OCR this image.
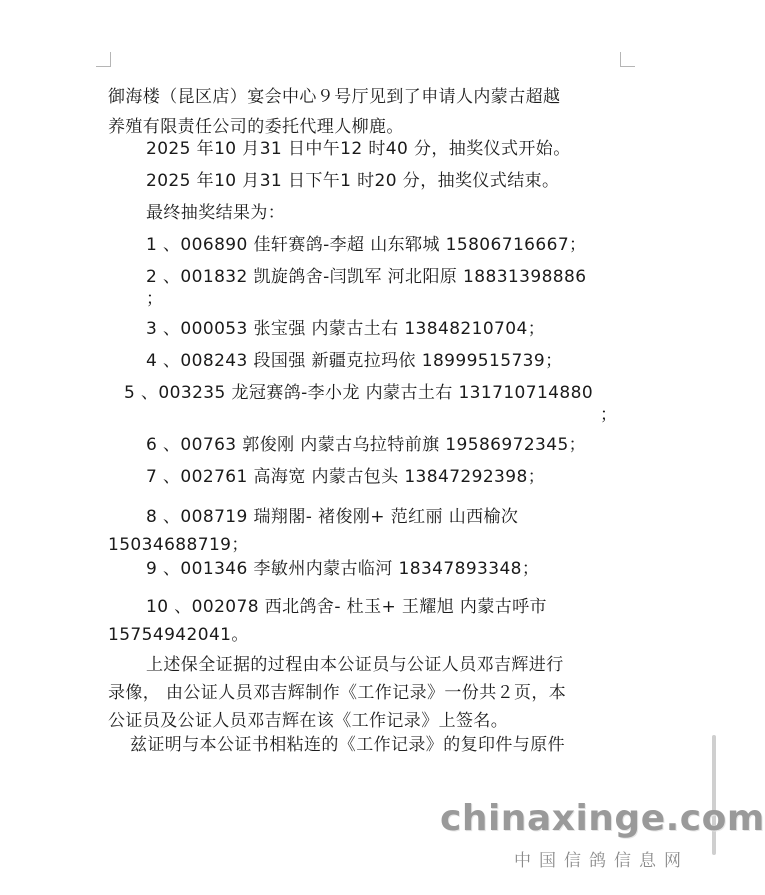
御海楼（昆区店）宴会中心９号厅见到了申请人内蒙古超越
养殖有限责任公司的委托代理人柳鹿。
2025 年10 月31 日中午12 时40 分，抽奖仪式开始。
2025 年10 月31 日下午1 时20 分，抽奖仪式结束。
最终抽奖结果为：
1 、006890 佳轩赛鸽-李超 山东郓城 15806716667；
2 、001832 凯旋鸽舍-闫凯军 河北阳原 18831398886
；
3 、000053 张宝强 内蒙古土右 13848210704；
4 、008243 段国强 新疆克拉玛依 18999515739；
5 、003235 龙冠赛鸽-李小龙 内蒙古土右 13171071488​0
；
6 、00763 郭俊刚 内蒙古乌拉特前旗 19586972345；
7 、002761 高海宽 内蒙古包头 13847292398；
8 、008719 瑞翔閣- 褚俊刚+ 范红丽 山西榆次
15034688719；
9 、001346 李敏州内蒙古临河 18347893348；
10 、002078 西北鸽舍- 杜玉+ 王耀旭 内蒙古呼市
15754942041。
上述保全证据的过程由本公证员与公证人员邓吉辉进行
录像， 由公证人员邓吉辉制作《工作记录》一份共２页，本
公证员及公证人员邓吉辉在该《工作记录》上签名。
兹证明与本公证书相粘连的《工作记录》的复印件与原件
chinaxinge.com
中国信鸽信息网
